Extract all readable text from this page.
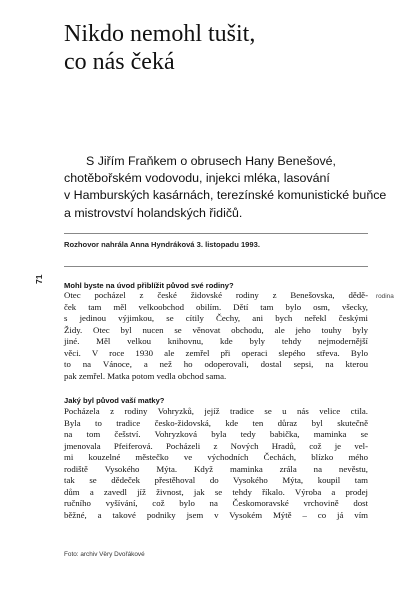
Nikdo nemohl tušit,
co nás čeká

S Jiřím Fraňkem o obrusech Hany Benešové,
chotěbořském vodovodu, injekci mléka, lasování
v Hamburských kasárnách, terezínské komunistické buňce
a mistrovství holandských řidičů.

Rozhovor nahrála Anna Hyndráková 3. listopadu 1993.

71
rodina

Mohl byste na úvod přiblížit původ své rodiny?

Otec pocházel z české židovské rodiny z Benešovska, dědě-
ček tam měl velkoobchod obilím. Dětí tam bylo osm, všecky,
s jedinou výjimkou, se cítily Čechy, ani bych neřekl českými
Židy. Otec byl nucen se věnovat obchodu, ale jeho touhy byly
jiné. Měl velkou knihovnu, kde byly tehdy nejmodernější
věci. V roce 1930 ale zemřel při operaci slepého střeva. Bylo
to na Vánoce, a než ho odoperovali, dostal sepsi, na kterou
pak zemřel. Matka potom vedla obchod sama.

Jaký byl původ vaší matky?

Pocházela z rodiny Vohryzků, jejíž tradice se u nás velice ctila.
Byla to tradice česko-židovská, kde ten důraz byl skutečně
na tom češství. Vohryzková byla tedy babička, maminka se
jmenovala Pfeiferová. Pocházeli z Nových Hradů, což je vel-
mi kouzelné městečko ve východních Čechách, blízko mého
rodiště Vysokého Mýta. Když maminka zrála na nevěstu,
tak se dědeček přestěhoval do Vysokého Mýta, koupil tam
dům a zavedl jíž živnost, jak se tehdy říkalo. Výroba a prodej
ručního vyšívání, což bylo na Českomoravské vrchovině dost
běžné, a takové podniky jsem v Vysokém Mýtě – co já vím

Foto: archiv Věry Dvořákové
